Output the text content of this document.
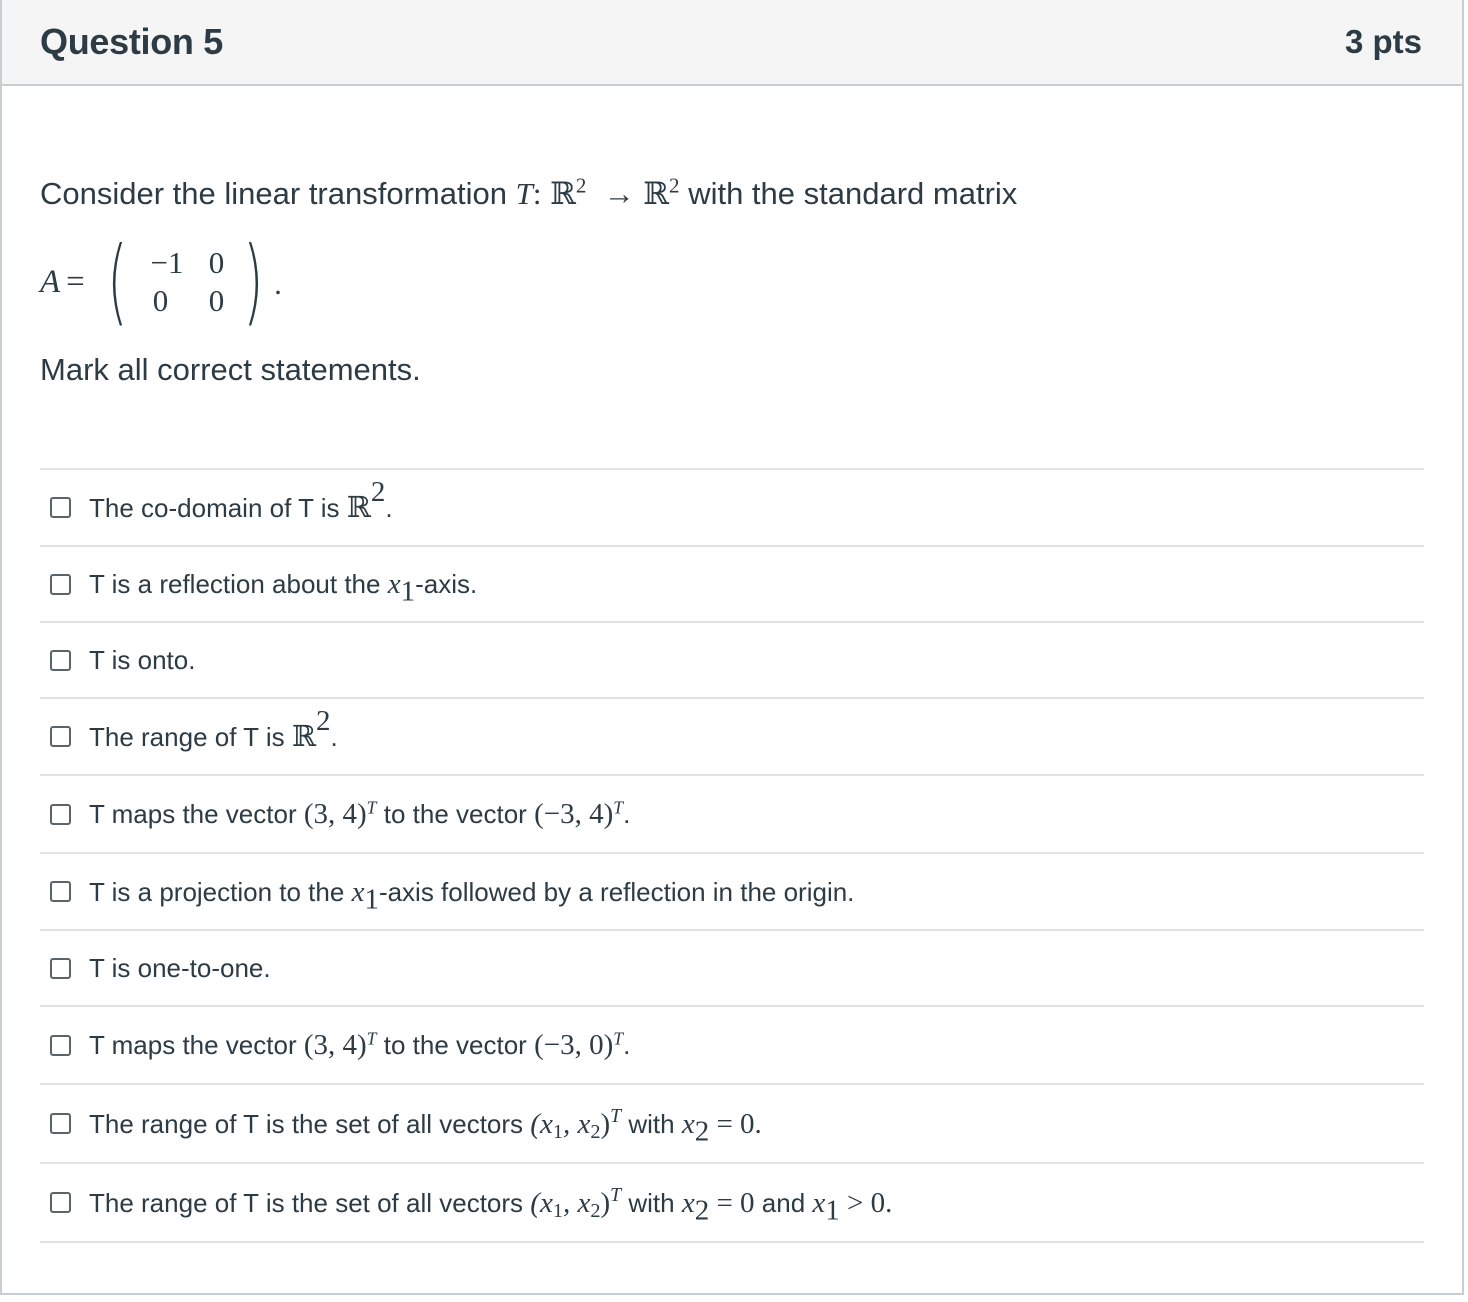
Question 5	3 pts
Consider the linear transformation T: ℝ$^2$ → ℝ$^2$ with the standard matrix
A = ( −1 0
0 0 ) .
Mark all correct statements.
The co-domain of T is ℝ$^2$.
T is a reflection about the $x_1$-axis.
T is onto.
The range of T is ℝ$^2$.
T maps the vector (3, 4)$^T$ to the vector (−3, 4)$^T$.
T is a projection to the $x_1$-axis followed by a reflection in the origin.
T is one-to-one.
T maps the vector (3, 4)$^T$ to the vector (−3, 0)$^T$.
The range of T is the set of all vectors ($x_1$, $x_2)^T$ with $x_2 = 0$.
The range of T is the set of all vectors ($x_1$, $x_2)^T$ with $x_2 = 0$ and $x_1 > 0$.
